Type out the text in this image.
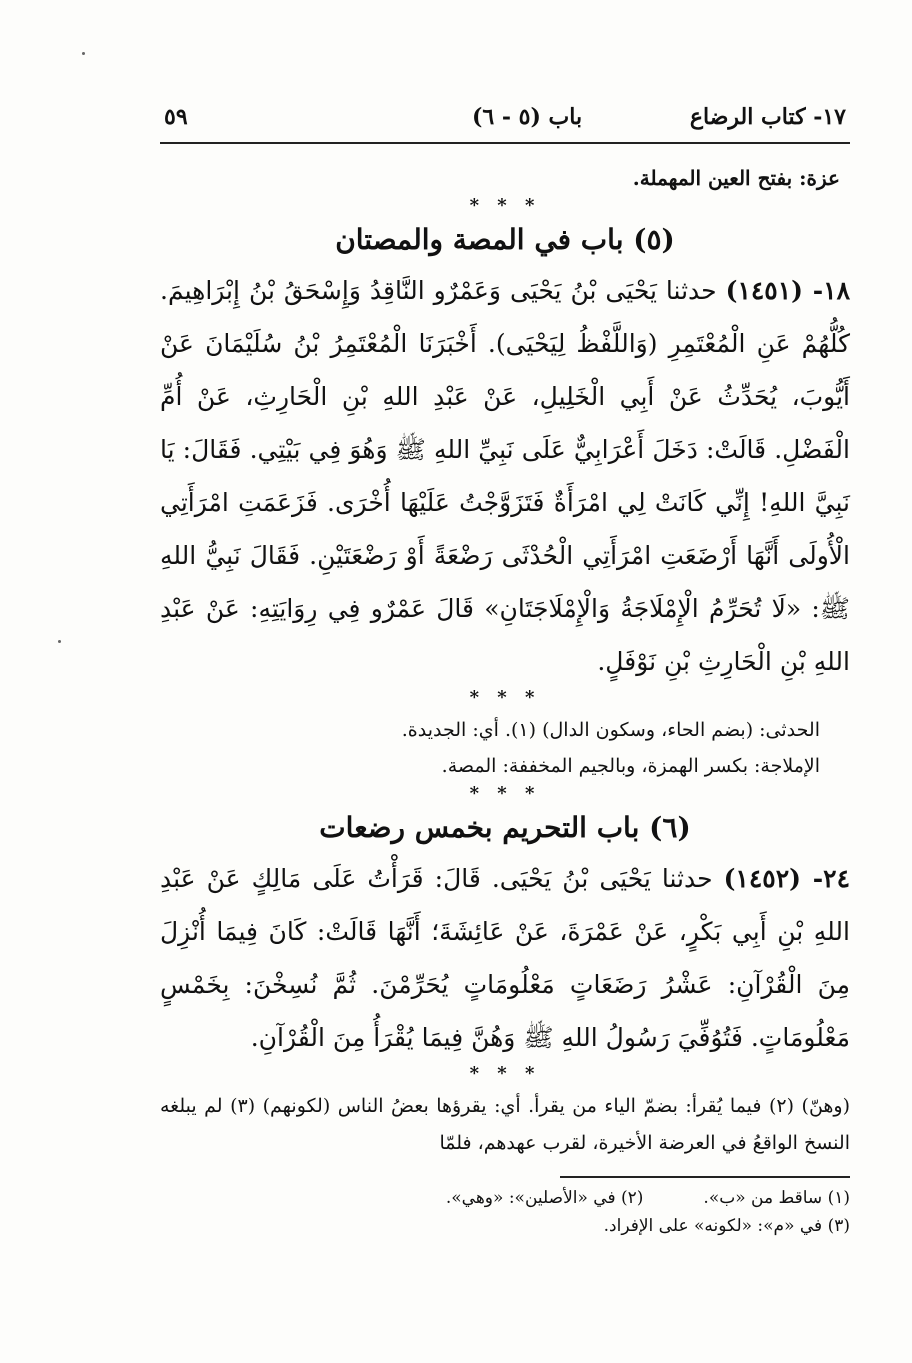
١٧- كتاب الرضاع
باب (٥ - ٦)
٥٩
عزة: بفتح العين المهملة.
* * *
(٥) باب في المصة والمصتان

١٨- (١٤٥١) حدثنا يَحْيَى بْنُ يَحْيَى وَعَمْرٌو النَّاقِدُ وَإِسْحَقُ بْنُ إِبْرَاهِيمَ. كُلُّهُمْ عَنِ الْمُعْتَمِرِ (وَاللَّفْظُ لِيَحْيَى). أَخْبَرَنَا الْمُعْتَمِرُ بْنُ سُلَيْمَانَ عَنْ أَيُّوبَ، يُحَدِّثُ عَنْ أَبِي الْخَلِيلِ، عَنْ عَبْدِ اللهِ بْنِ الْحَارِثِ، عَنْ أُمِّ الْفَضْلِ. قَالَتْ: دَخَلَ أَعْرَابِيٌّ عَلَى نَبِيِّ اللهِ ﷺ وَهُوَ فِي بَيْتِي. فَقَالَ: يَا نَبِيَّ اللهِ! إِنِّي كَانَتْ لِي امْرَأَةٌ فَتَزَوَّجْتُ عَلَيْهَا أُخْرَى. فَزَعَمَتِ امْرَأَتِي الْأُولَى أَنَّهَا أَرْضَعَتِ امْرَأَتِي الْحُدْثَى رَضْعَةً أَوْ رَضْعَتَيْنِ. فَقَالَ نَبِيُّ اللهِ ﷺ: «لَا تُحَرِّمُ الْإِمْلَاجَةُ وَالْإِمْلَاجَتَانِ» قَالَ عَمْرٌو فِي رِوَايَتِهِ: عَنْ عَبْدِ اللهِ بْنِ الْحَارِثِ بْنِ نَوْفَلٍ.

* * *
الحدثى: (بضم الحاء، وسكون الدال) (١). أي: الجديدة.
الإملاجة: بكسر الهمزة، وبالجيم المخففة: المصة.
* * *
(٦) باب التحريم بخمس رضعات

٢٤- (١٤٥٢) حدثنا يَحْيَى بْنُ يَحْيَى. قَالَ: قَرَأْتُ عَلَى مَالِكٍ عَنْ عَبْدِ اللهِ بْنِ أَبِي بَكْرٍ، عَنْ عَمْرَةَ، عَنْ عَائِشَةَ؛ أَنَّهَا قَالَتْ: كَانَ فِيمَا أُنْزِلَ مِنَ الْقُرْآنِ: عَشْرُ رَضَعَاتٍ مَعْلُومَاتٍ يُحَرِّمْنَ. ثُمَّ نُسِخْنَ: بِخَمْسٍ مَعْلُومَاتٍ. فَتُوُفِّيَ رَسُولُ اللهِ ﷺ وَهُنَّ فِيمَا يُقْرَأُ مِنَ الْقُرْآنِ.

* * *

(وهنّ) (٢) فيما يُقرأ: بضمّ الياء من يقرأ. أي: يقرؤها بعضُ الناس (لكونهم) (٣) لم يبلغه النسخ الواقعُ في العرضة الأخيرة، لقرب عهدهم، فلمّا

(١) ساقط من «ب».
(٢) في «الأصلين»: «وهي».
(٣) في «م»: «لكونه» على الإفراد.
